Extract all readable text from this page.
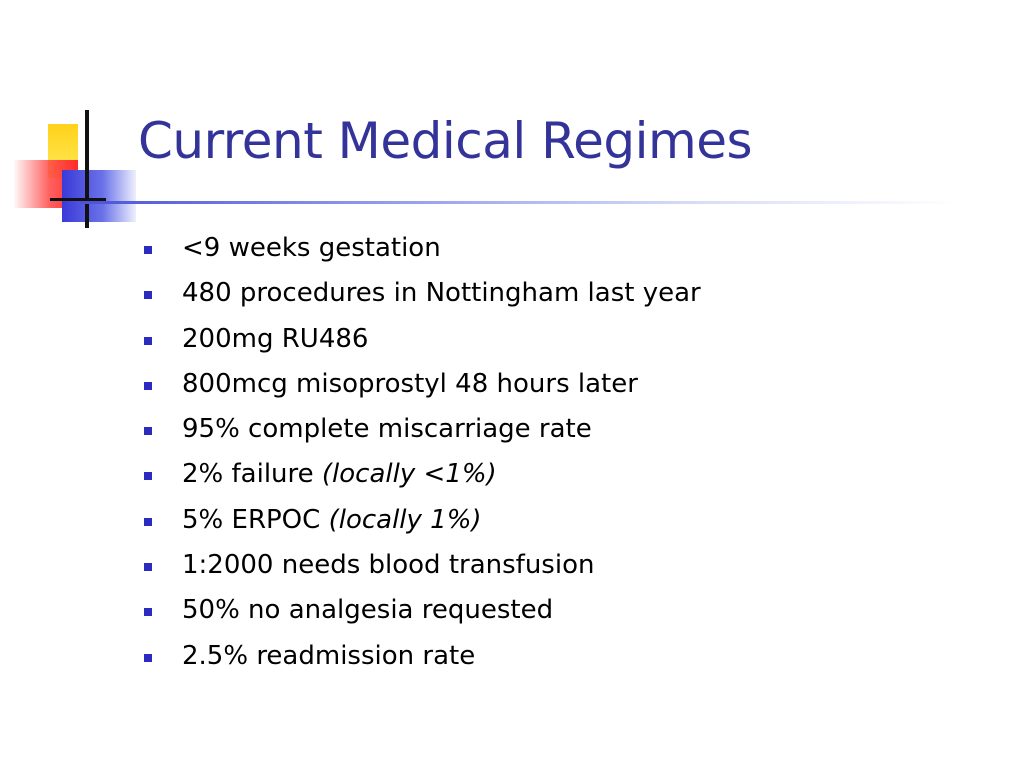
Current Medical Regimes
<9 weeks gestation
480 procedures in Nottingham last year
200mg RU486
800mcg misoprostyl 48 hours later
95% complete miscarriage rate
2% failure (locally <1%)
5% ERPOC (locally 1%)
1:2000 needs blood transfusion
50% no analgesia requested
2.5% readmission rate
